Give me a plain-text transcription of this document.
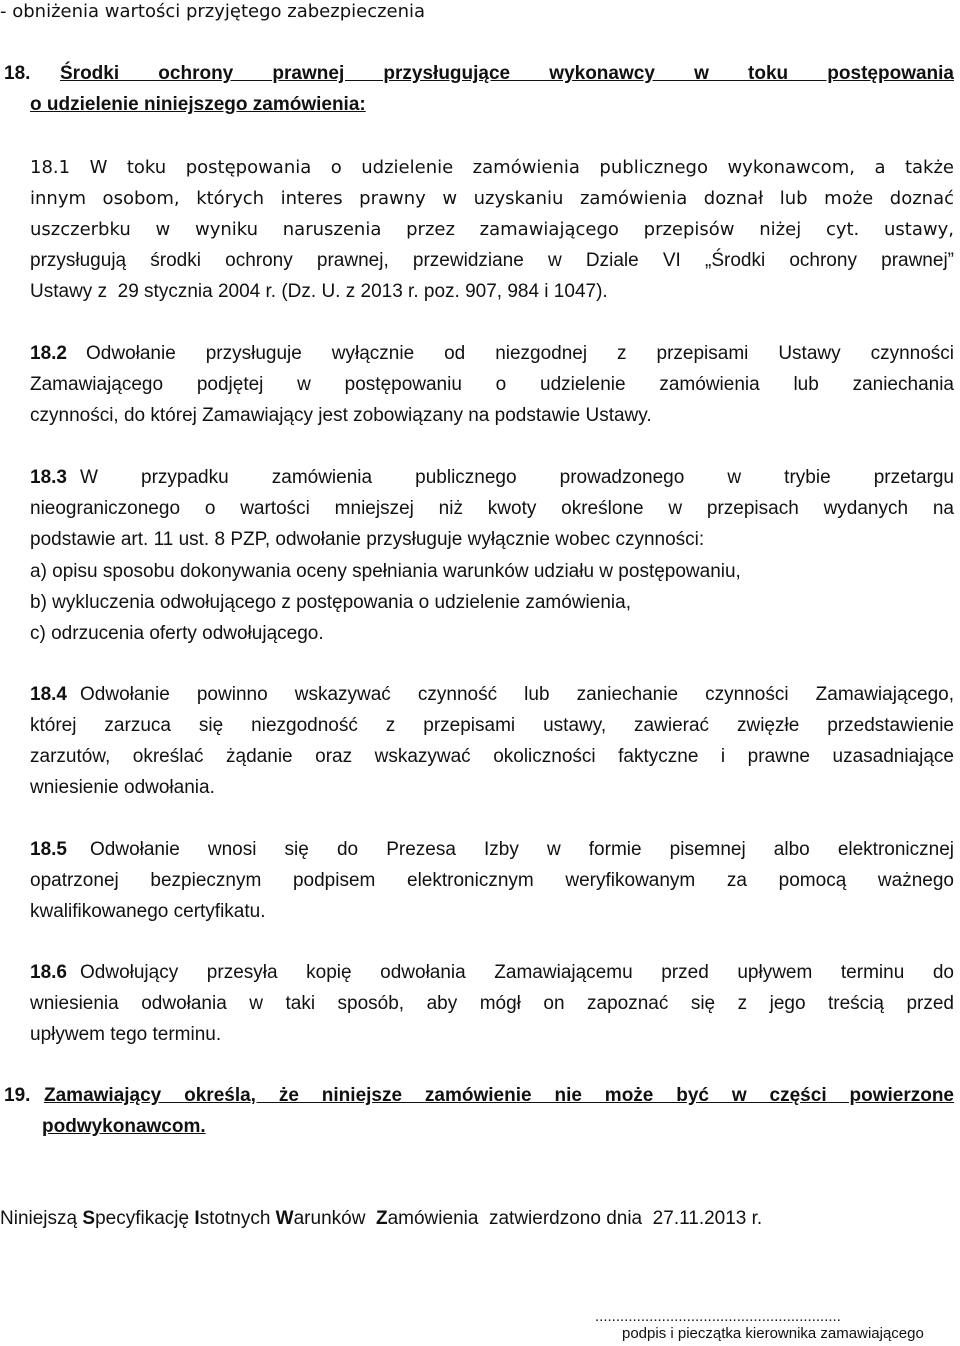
- obniżenia wartości przyjętego zabezpieczenia
18. Środki ochrony prawnej przysługujące wykonawcy w toku postępowania
o udzielenie niniejszego zamówienia:
18.1 W toku postępowania o udzielenie zamówienia publicznego wykonawcom, a także
innym osobom, których interes prawny w uzyskaniu zamówienia doznał lub może doznać
uszczerbku w wyniku naruszenia przez zamawiającego przepisów niżej cyt. ustawy,
przysługują środki ochrony prawnej, przewidziane w Dziale VI „Środki ochrony prawnej”
Ustawy z  29 stycznia 2004 r. (Dz. U. z 2013 r. poz. 907, 984 i 1047).
18.2 Odwołanie przysługuje wyłącznie od niezgodnej z przepisami Ustawy czynności
Zamawiającego podjętej w postępowaniu o udzielenie zamówienia lub zaniechania
czynności, do której Zamawiający jest zobowiązany na podstawie Ustawy.
18.3 W przypadku zamówienia publicznego prowadzonego w trybie przetargu
nieograniczonego o wartości mniejszej niż kwoty określone w przepisach wydanych na
podstawie art. 11 ust. 8 PZP, odwołanie przysługuje wyłącznie wobec czynności:
a) opisu sposobu dokonywania oceny spełniania warunków udziału w postępowaniu,
b) wykluczenia odwołującego z postępowania o udzielenie zamówienia,
c) odrzucenia oferty odwołującego.
18.4 Odwołanie powinno wskazywać czynność lub zaniechanie czynności Zamawiającego,
której zarzuca się niezgodność z przepisami ustawy, zawierać zwięzłe przedstawienie
zarzutów, określać żądanie oraz wskazywać okoliczności faktyczne i prawne uzasadniające
wniesienie odwołania.
18.5 Odwołanie wnosi się do Prezesa Izby w formie pisemnej albo elektronicznej
opatrzonej bezpiecznym podpisem elektronicznym weryfikowanym za pomocą ważnego
kwalifikowanego certyfikatu.
18.6 Odwołujący przesyła kopię odwołania Zamawiającemu przed upływem terminu do
wniesienia odwołania w taki sposób, aby mógł on zapoznać się z jego treścią przed
upływem tego terminu.
19. Zamawiający określa, że niniejsze zamówienie nie może być w części powierzone
podwykonawcom.
Niniejszą Specyfikację Istotnych Warunków  Zamówienia  zatwierdzono dnia  27.11.2013 r.
...........................................................
podpis i pieczątka kierownika zamawiającego
